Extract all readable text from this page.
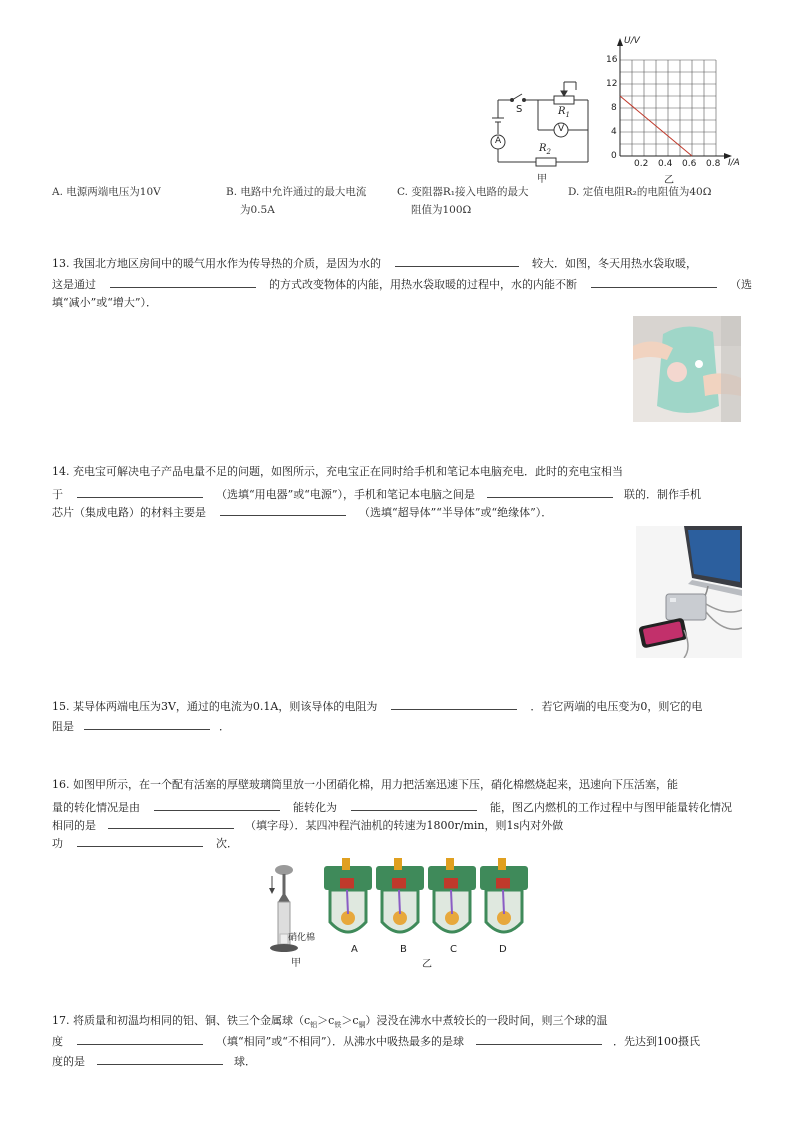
S	$R_1$
V
A
$R_2$
甲
U/V
I/A
16
12
8
4
0
0.2 0.4 0.6 0.8
乙
A. 电源两端电压为10V	B. 电路中允许通过的最大电流
为0.5A
C. 变阻器R₁接入电路的最大
阻值为100Ω
D. 定值电阻R₂的电阻值为40Ω
13. 我国北方地区房间中的暖气用水作为传导热的介质，是因为水的	较大．如图，冬天用热水袋取暖，
这是通过	的方式改变物体的内能，用热水袋取暖的过程中，水的内能不断	（选
填“减小”或“增大”）．
14. 充电宝可解决电子产品电量不足的问题，如图所示，充电宝正在同时给手机和笔记本电脑充电．此时的充电宝相当
于	（选填“用电器”或“电源”），手机和笔记本电脑之间是	联的．制作手机
芯片（集成电路）的材料主要是	（选填“超导体”“半导体”或“绝缘体”）．
15. 某导体两端电压为3V，通过的电流为0.1A，则该导体的电阻为	．若它两端的电压变为0，则它的电
阻是	．
16. 如图甲所示，在一个配有活塞的厚壁玻璃筒里放一小团硝化棉，用力把活塞迅速下压，硝化棉燃烧起来，迅速向下压活塞，能
量的转化情况是由	能转化为	能，图乙内燃机的工作过程中与图甲能量转化情况
相同的是	（填字母）．某四冲程汽油机的转速为1800r/min，则1s内对外做
功	次．
硝化棉
甲
A	B	C	D
乙
17. 将质量和初温均相同的铝、铜、铁三个金属球$(c_铝>c_铁>c_铜)$浸没在沸水中煮较长的一段时间，则三个球的温
度	（填“相同”或“不相同”）．从沸水中吸热最多的是球	．先达到100摄氏
度的是	球．
